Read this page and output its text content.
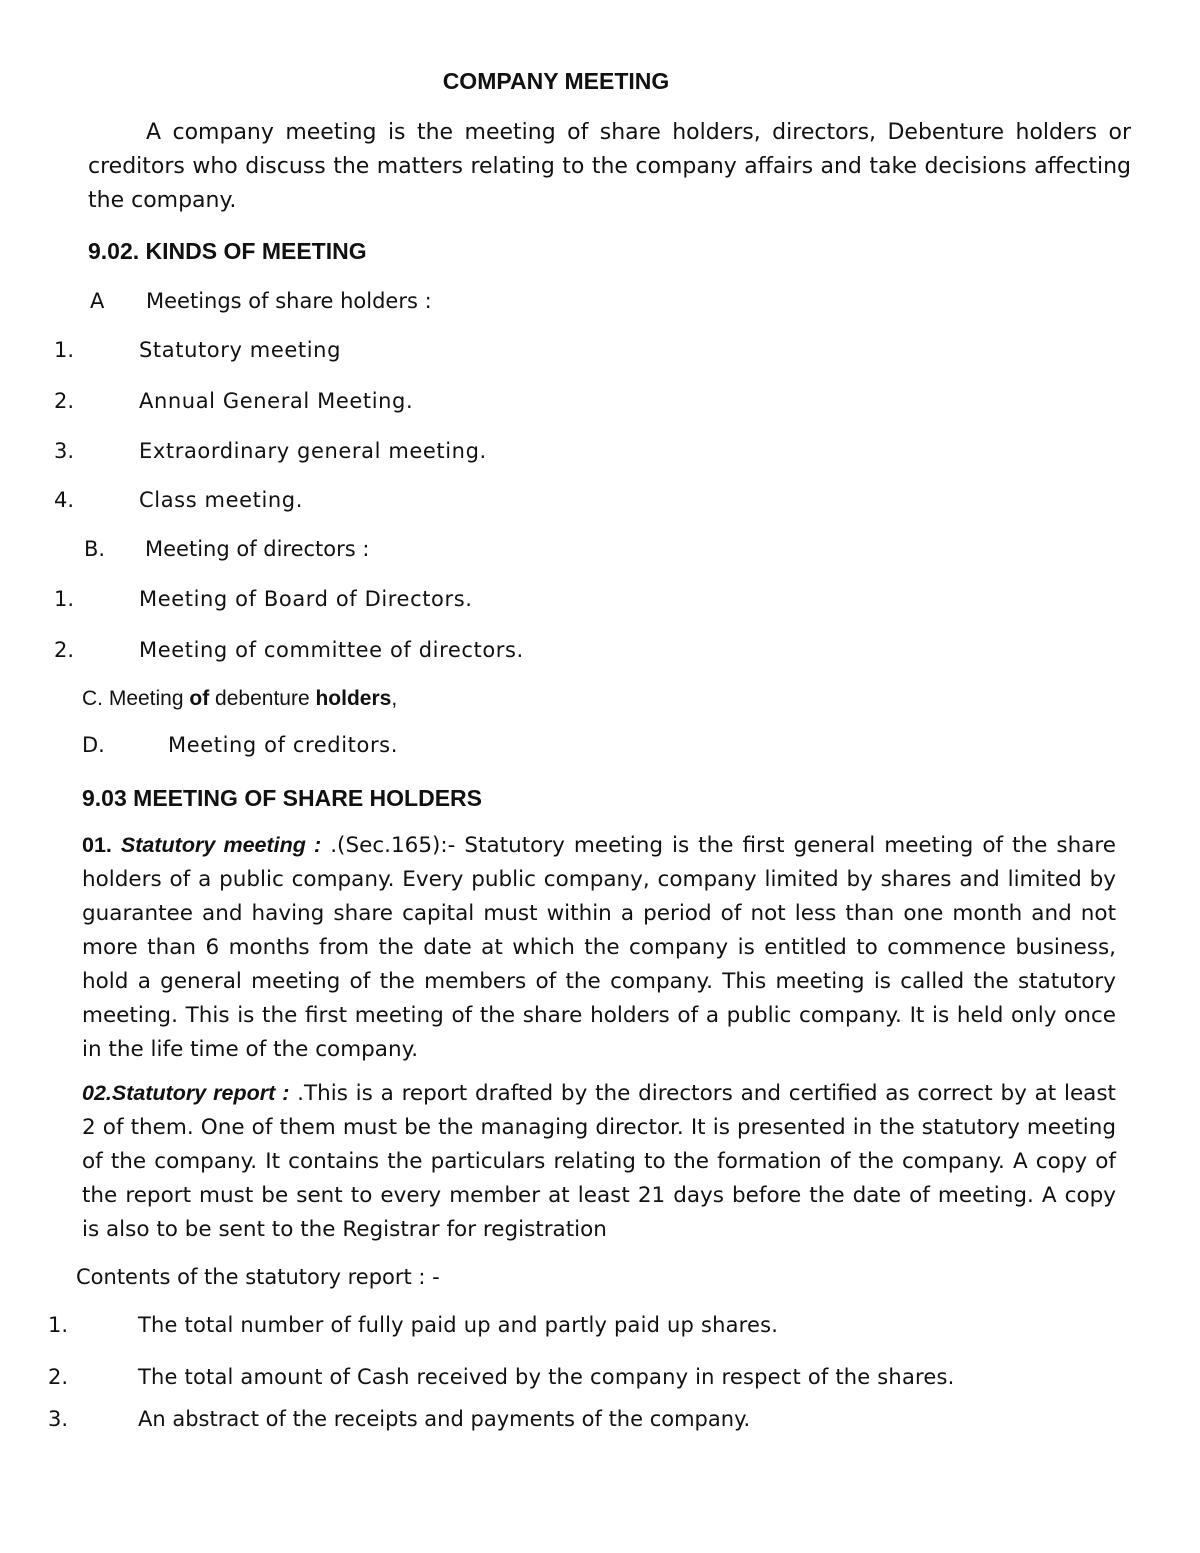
COMPANY MEETING
A company meeting is the meeting of share holders, directors, Debenture holders or creditors who discuss the matters relating to the company affairs and take decisions affecting the company.
9.02. KINDS OF MEETING
A Meetings of share holders :
1.	Statutory meeting
2.	Annual General Meeting.
3.	Extraordinary general meeting.
4.	Class meeting.
B. Meeting of directors :
1.	Meeting of Board of Directors.
2.	Meeting of committee of directors.
C. Meeting of debenture holders,
D.	Meeting of creditors.
9.03 MEETING OF SHARE HOLDERS
01. Statutory meeting : .(Sec.165):- Statutory meeting is the first general meeting of the share holders of a public company. Every public company, company limited by shares and limited by guarantee and having share capital must within a period of not less than one month and not more than 6 months from the date at which the company is entitled to commence business, hold a general meeting of the members of the company. This meeting is called the statutory meeting. This is the first meeting of the share holders of a public company. It is held only once in the life time of the company.
02.Statutory report : .This is a report drafted by the directors and certified as correct by at least 2 of them. One of them must be the managing director. It is presented in the statutory meeting of the company. It contains the particulars relating to the formation of the company. A copy of the report must be sent to every member at least 21 days before the date of meeting. A copy is also to be sent to the Registrar for registration
Contents of the statutory report : -
1.	The total number of fully paid up and partly paid up shares.
2.	The total amount of Cash received by the company in respect of the shares.
3.	An abstract of the receipts and payments of the company.
